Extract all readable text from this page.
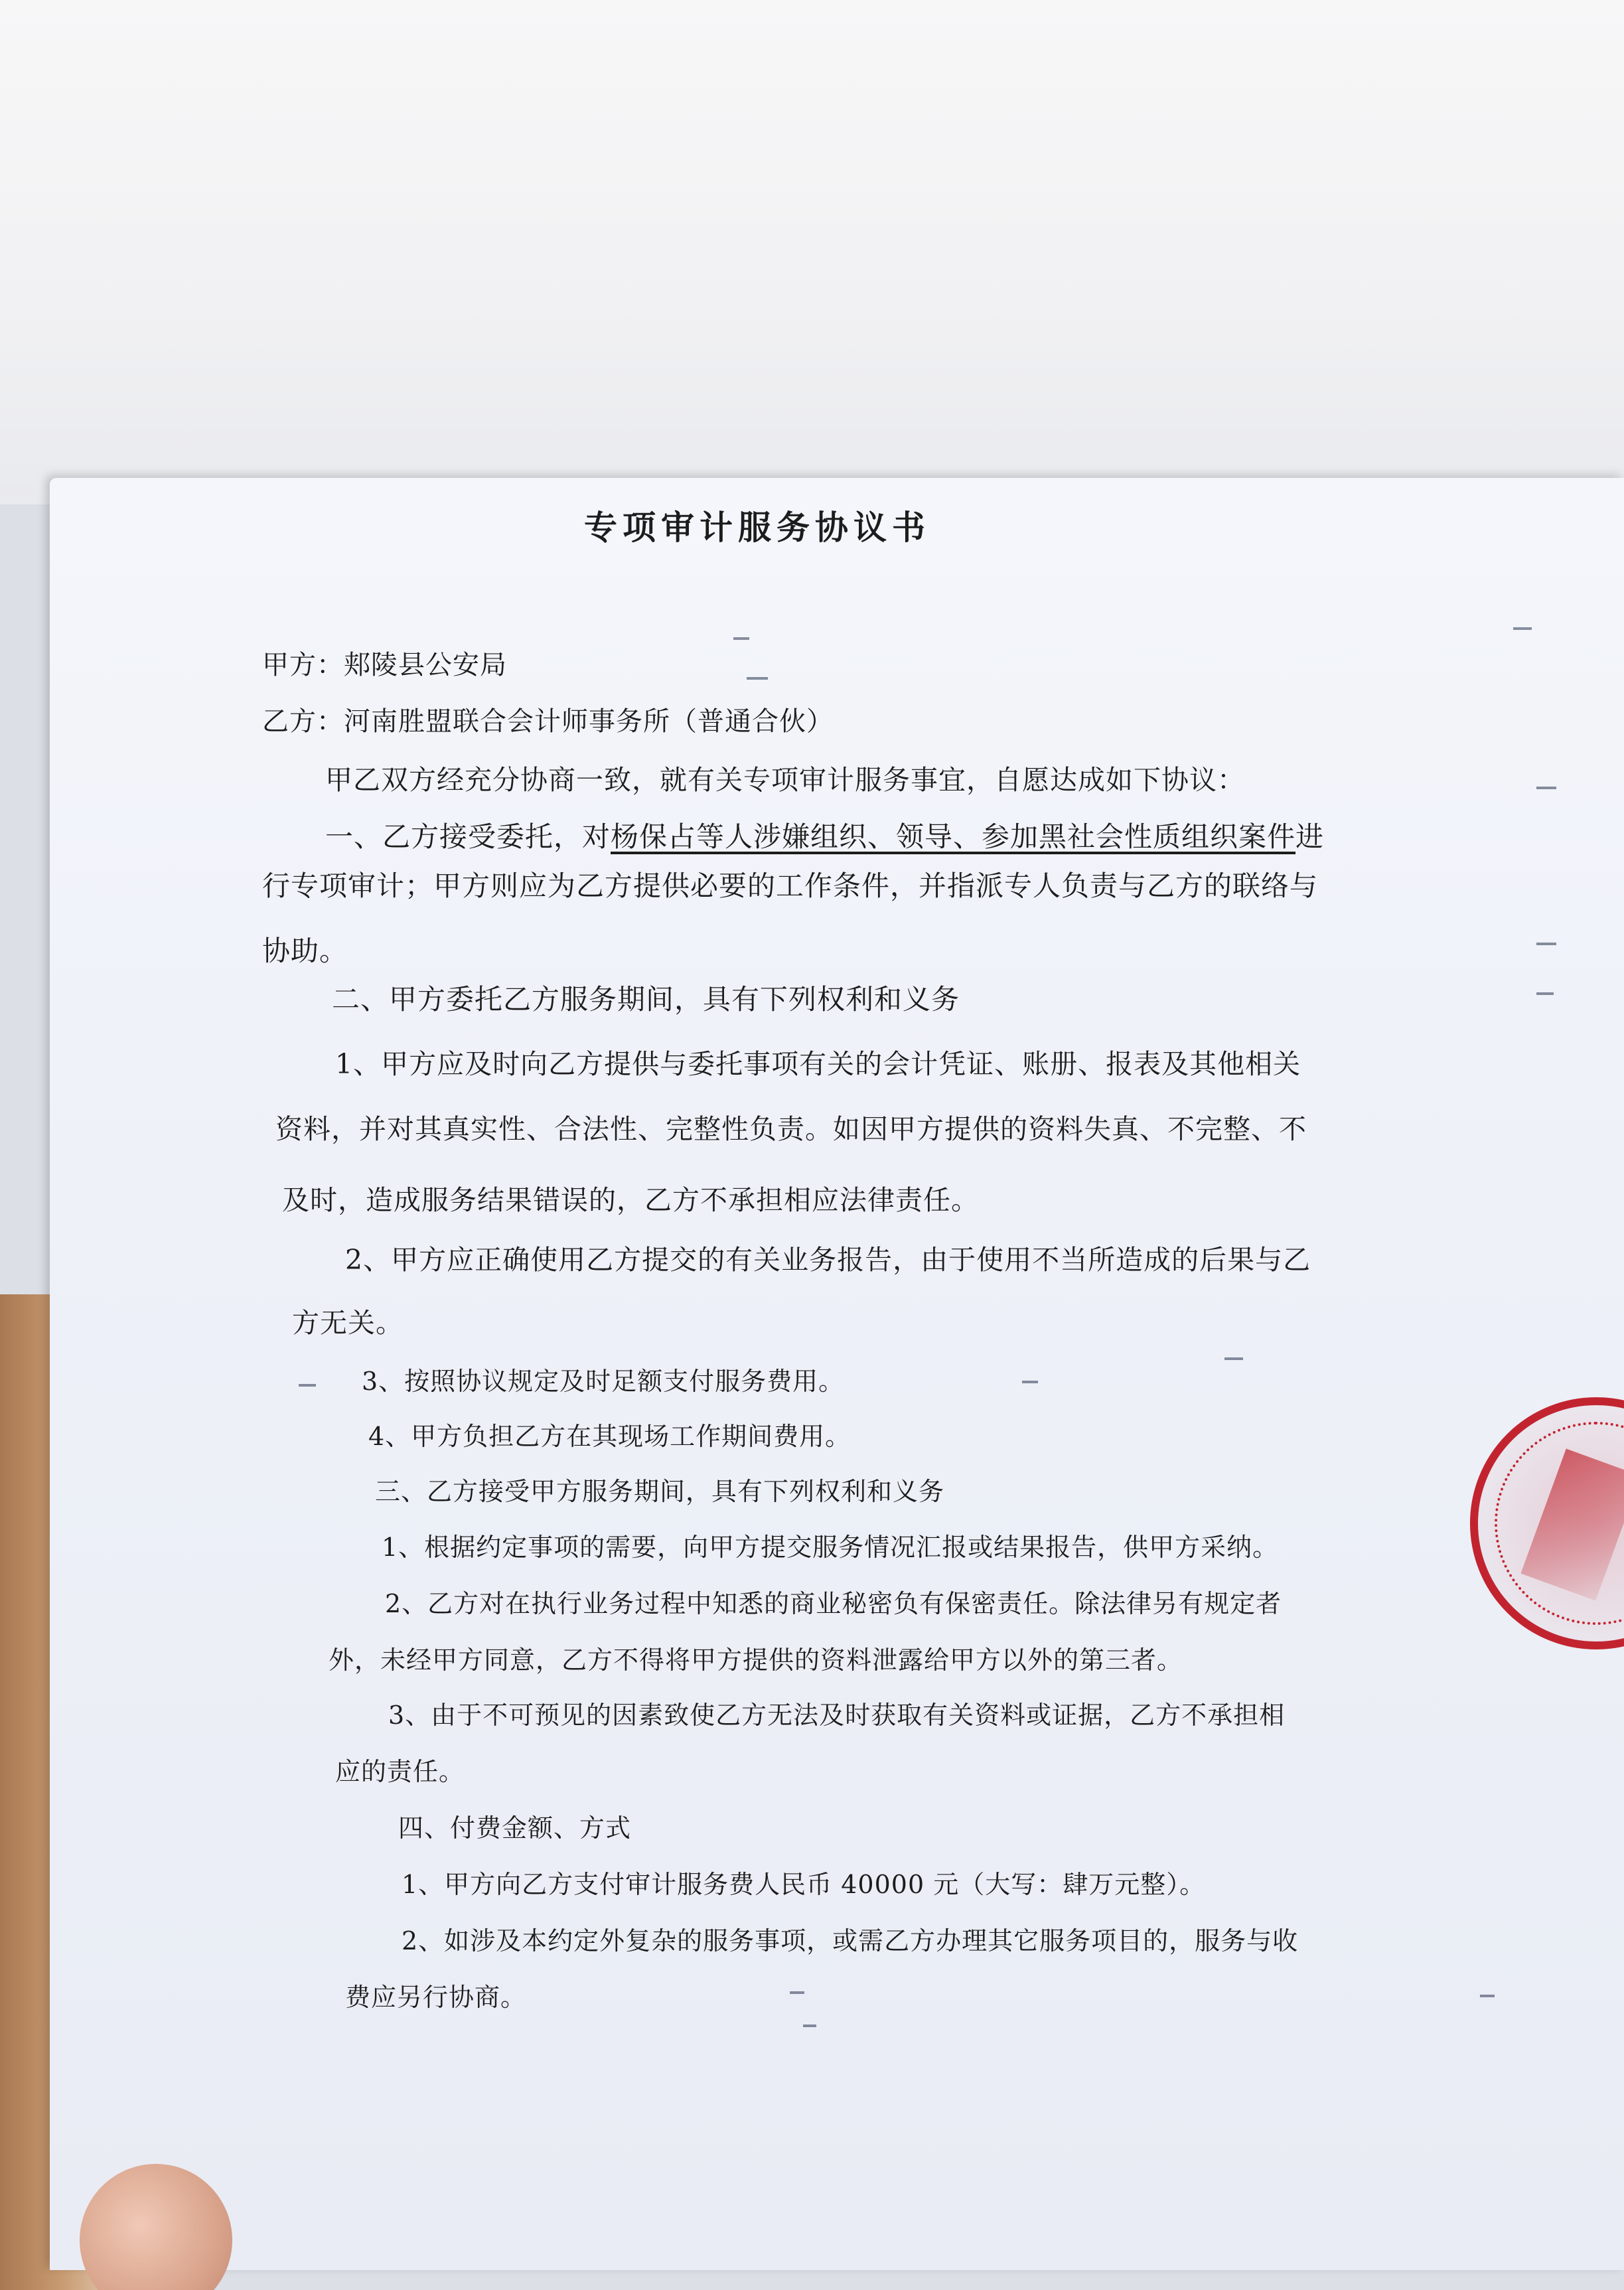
专项审计服务协议书
甲方：郏陵县公安局
乙方：河南胜盟联合会计师事务所（普通合伙）
甲乙双方经充分协商一致，就有关专项审计服务事宜，自愿达成如下协议：
一、乙方接受委托，对杨保占等人涉嫌组织、领导、参加黑社会性质组织案件进
行专项审计；甲方则应为乙方提供必要的工作条件，并指派专人负责与乙方的联络与
协助。
二、甲方委托乙方服务期间，具有下列权利和义务
1、甲方应及时向乙方提供与委托事项有关的会计凭证、账册、报表及其他相关
资料，并对其真实性、合法性、完整性负责。如因甲方提供的资料失真、不完整、不
及时，造成服务结果错误的，乙方不承担相应法律责任。
2、甲方应正确使用乙方提交的有关业务报告，由于使用不当所造成的后果与乙
方无关。
3、按照协议规定及时足额支付服务费用。
4、甲方负担乙方在其现场工作期间费用。
三、乙方接受甲方服务期间，具有下列权利和义务
1、根据约定事项的需要，向甲方提交服务情况汇报或结果报告，供甲方采纳。
2、乙方对在执行业务过程中知悉的商业秘密负有保密责任。除法律另有规定者
外，未经甲方同意，乙方不得将甲方提供的资料泄露给甲方以外的第三者。
3、由于不可预见的因素致使乙方无法及时获取有关资料或证据，乙方不承担相
应的责任。
四、付费金额、方式
1、甲方向乙方支付审计服务费人民币 40000 元（大写：肆万元整）。
2、如涉及本约定外复杂的服务事项，或需乙方办理其它服务项目的，服务与收
费应另行协商。
